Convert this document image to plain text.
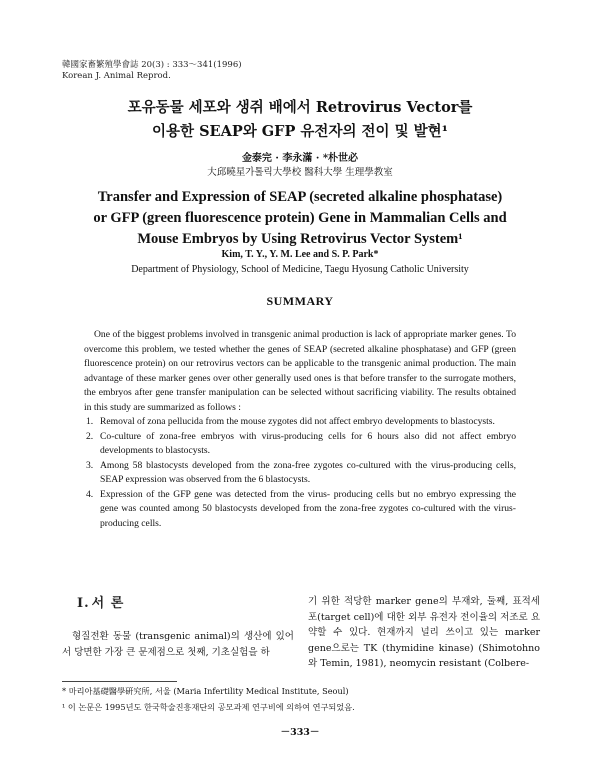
韓國家畜繁殖學會誌 20(3) : 333～341(1996)
Korean J. Animal Reprod.
포유동물 세포와 생쥐 배에서 Retrovirus Vector를
이용한 SEAP와 GFP 유전자의 전이 및 발현¹
金泰完 · 李永滿 · *朴世必
大邱曉星가톨릭大學校 醫科大學 生理學教室
Transfer and Expression of SEAP (secreted alkaline phosphatase)
or GFP (green fluorescence protein) Gene in Mammalian Cells and
Mouse Embryos by Using Retrovirus Vector System¹
Kim, T. Y., Y. M. Lee and S. P. Park*
Department of Physiology, School of Medicine, Taegu Hyosung Catholic University
SUMMARY

One of the biggest problems involved in transgenic animal production is lack of appropriate marker genes. To overcome this problem, we tested whether the genes of SEAP (secreted alkaline phosphatase) and GFP (green fluorescence protein) on our retrovirus vectors can be applicable to the transgenic animal production. The main advantage of these marker genes over other generally used ones is that before transfer to the surrogate mothers, the embryos after gene transfer manipulation can be selected without sacrificing viability. The results obtained in this study are summarized as follows :

1. Removal of zona pellucida from the mouse zygotes did not affect embryo developments to blastocysts.
2. Co-culture of zona-free embryos with virus-producing cells for 6 hours also did not affect embryo developments to blastocysts.
3. Among 58 blastocysts developed from the zona-free zygotes co-cultured with the virus-producing cells, SEAP expression was observed from the 6 blastocysts.
4. Expression of the GFP gene was detected from the virus- producing cells but no embryo expressing the gene was counted among 50 blastocysts developed from the zona-free zygotes co-cultured with the virus-producing cells.
Ⅰ. 서 론
형질전환 동물 (transgenic animal)의 생산에 있어서 당면한 가장 큰 문제점으로 첫째, 기초실험을 하
기 위한 적당한 marker gene의 부재와, 둘째, 표적세포(target cell)에 대한 외부 유전자 전이율의 저조로 요약할 수 있다. 현재까지 널리 쓰이고 있는 marker gene으로는 TK (thymidine kinase) (Shimotohno와 Temin, 1981), neomycin resistant (Colbere-
* 마리아基礎醫學硏究所, 서울 (Maria Infertility Medical Institute, Seoul)
¹ 이 논문은 1995년도 한국학술진흥재단의 공모과제 연구비에 의하여 연구되었음.
－333－
